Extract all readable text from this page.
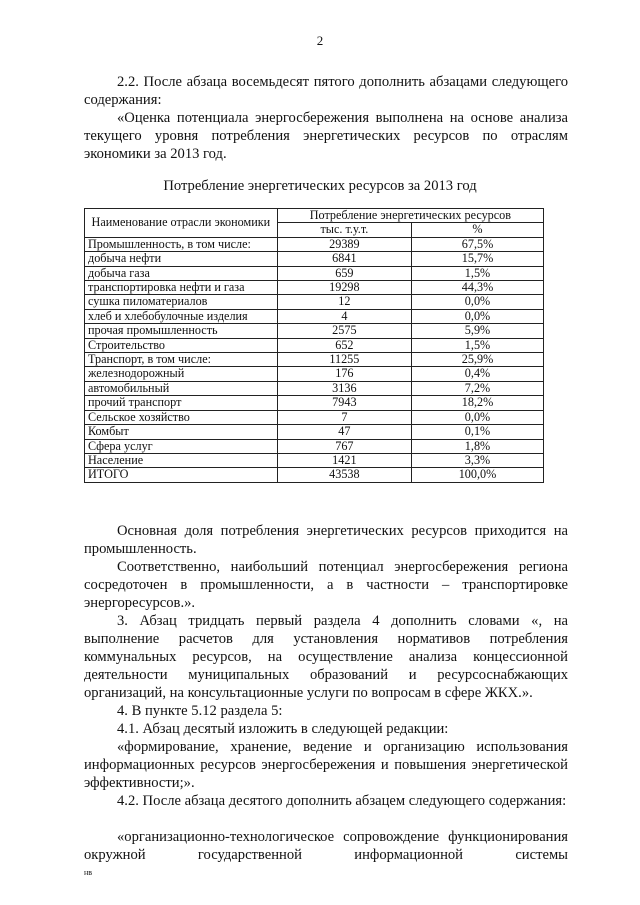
2
2.2. После абзаца восемьдесят пятого дополнить абзацами следующего содержания:
«Оценка потенциала энергосбережения выполнена на основе анализа текущего уровня потребления энергетических ресурсов по отраслям экономики за 2013 год.
Потребление энергетических ресурсов за 2013 год
Наименование отрасли экономики	Потребление энергетических ресурсов	
	тыс. т.у.т.	%
Промышленность, в том числе:	29389	67,5%
добыча нефти	6841	15,7%
добыча газа	659	1,5%
транспортировка нефти и газа	19298	44,3%
сушка пиломатериалов	12	0,0%
хлеб и хлебобулочные изделия	4	0,0%
прочая промышленность	2575	5,9%
Строительство	652	1,5%
Транспорт, в том числе:	11255	25,9%
железнодорожный	176	0,4%
автомобильный	3136	7,2%
прочий транспорт	7943	18,2%
Сельское хозяйство	7	0,0%
Комбыт	47	0,1%
Сфера услуг	767	1,8%
Население	1421	3,3%
ИТОГО	43538	100,0%
Основная доля потребления энергетических ресурсов приходится на промышленность.
Соответственно, наибольший потенциал энергосбережения региона сосредоточен в промышленности, а в частности – транспортировке энергоресурсов.».
3. Абзац тридцать первый раздела 4 дополнить словами «, на выполнение расчетов для установления нормативов потребления коммунальных ресурсов, на осуществление анализа концессионной деятельности муниципальных образований и ресурсоснабжающих организаций, на консультационные услуги по вопросам в сфере ЖКХ.».
4. В пункте 5.12 раздела 5:
4.1. Абзац десятый изложить в следующей редакции:
«формирование, хранение, ведение и организацию использования информационных ресурсов энергосбережения и повышения энергетической эффективности;».
4.2. После абзаца десятого дополнить абзацем следующего содержания:
«организационно-технологическое сопровождение функционирования окружной государственной информационной системы
нв
